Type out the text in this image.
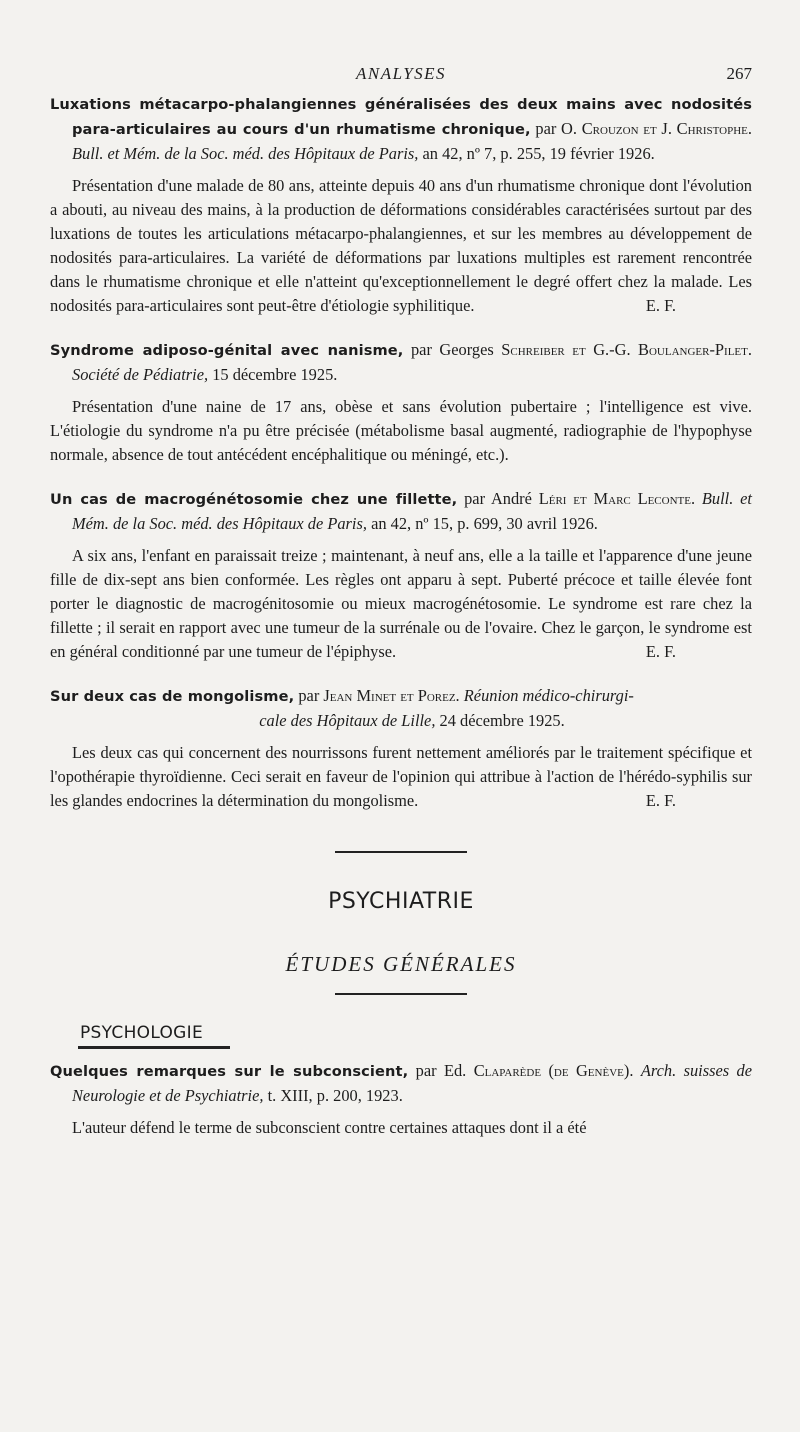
ANALYSES	267
Luxations métacarpo-phalangiennes généralisées des deux mains avec nodosités para-articulaires au cours d'un rhumatisme chronique, par O. Crouzon et J. Christophe. Bull. et Mém. de la Soc. méd. des Hôpitaux de Paris, an 42, nº 7, p. 255, 19 février 1926.
Présentation d'une malade de 80 ans, atteinte depuis 40 ans d'un rhumatisme chronique dont l'évolution a abouti, au niveau des mains, à la production de déformations considérables caractérisées surtout par des luxations de toutes les articulations métacarpo-phalangiennes, et sur les membres au développement de nodosités para-articulaires. La variété de déformations par luxations multiples est rarement rencontrée dans le rhumatisme chronique et elle n'atteint qu'exceptionnellement le degré offert chez la malade. Les nodosités para-articulaires sont peut-être d'étiologie syphilitique.	E. F.
Syndrome adiposo-génital avec nanisme, par Georges Schreiber et G.-G. Boulanger-Pilet. Société de Pédiatrie, 15 décembre 1925.
Présentation d'une naine de 17 ans, obèse et sans évolution pubertaire ; l'intelligence est vive. L'étiologie du syndrome n'a pu être précisée (métabolisme basal augmenté, radiographie de l'hypophyse normale, absence de tout antécédent encéphalitique ou méningé, etc.).
Un cas de macrogénétosomie chez une fillette, par André Léri et Marc Leconte. Bull. et Mém. de la Soc. méd. des Hôpitaux de Paris, an 42, nº 15, p. 699, 30 avril 1926.
A six ans, l'enfant en paraissait treize ; maintenant, à neuf ans, elle a la taille et l'apparence d'une jeune fille de dix-sept ans bien conformée. Les règles ont apparu à sept. Puberté précoce et taille élevée font porter le diagnostic de macrogénitosomie ou mieux macrogénétosomie. Le syndrome est rare chez la fillette ; il serait en rapport avec une tumeur de la surrénale ou de l'ovaire. Chez le garçon, le syndrome est en général conditionné par une tumeur de l'épiphyse.	E. F.
Sur deux cas de mongolisme, par Jean Minet et Porez. Réunion médico-chirurgi-
cale des Hôpitaux de Lille, 24 décembre 1925.
Les deux cas qui concernent des nourrissons furent nettement améliorés par le traitement spécifique et l'opothérapie thyroïdienne. Ceci serait en faveur de l'opinion qui attribue à l'action de l'hérédo-syphilis sur les glandes endocrines la détermination du mongolisme.	E. F.
PSYCHIATRIE
ÉTUDES GÉNÉRALES
PSYCHOLOGIE
Quelques remarques sur le subconscient, par Ed. Claparède (de Genève). Arch. suisses de Neurologie et de Psychiatrie, t. XIII, p. 200, 1923.
L'auteur défend le terme de subconscient contre certaines attaques dont il a été
